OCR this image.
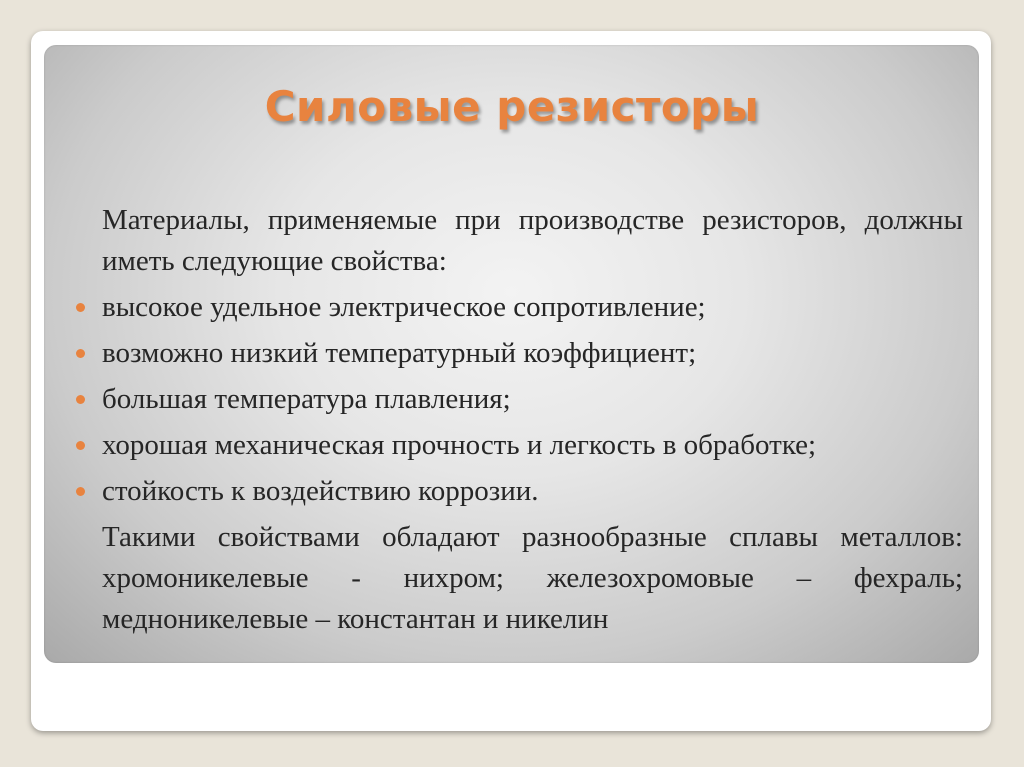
Силовые резисторы

Материалы, применяемые при производстве резисторов, должны иметь следующие свойства:

высокое удельное электрическое сопротивление;
возможно низкий температурный коэффициент;
большая температура плавления;
хорошая механическая прочность и легкость в обработке;
стойкость к воздействию коррозии.

Такими свойствами обладают разнообразные сплавы металлов: хромоникелевые - нихром; железохромовые – фехраль; медноникелевые – константан и никелин
